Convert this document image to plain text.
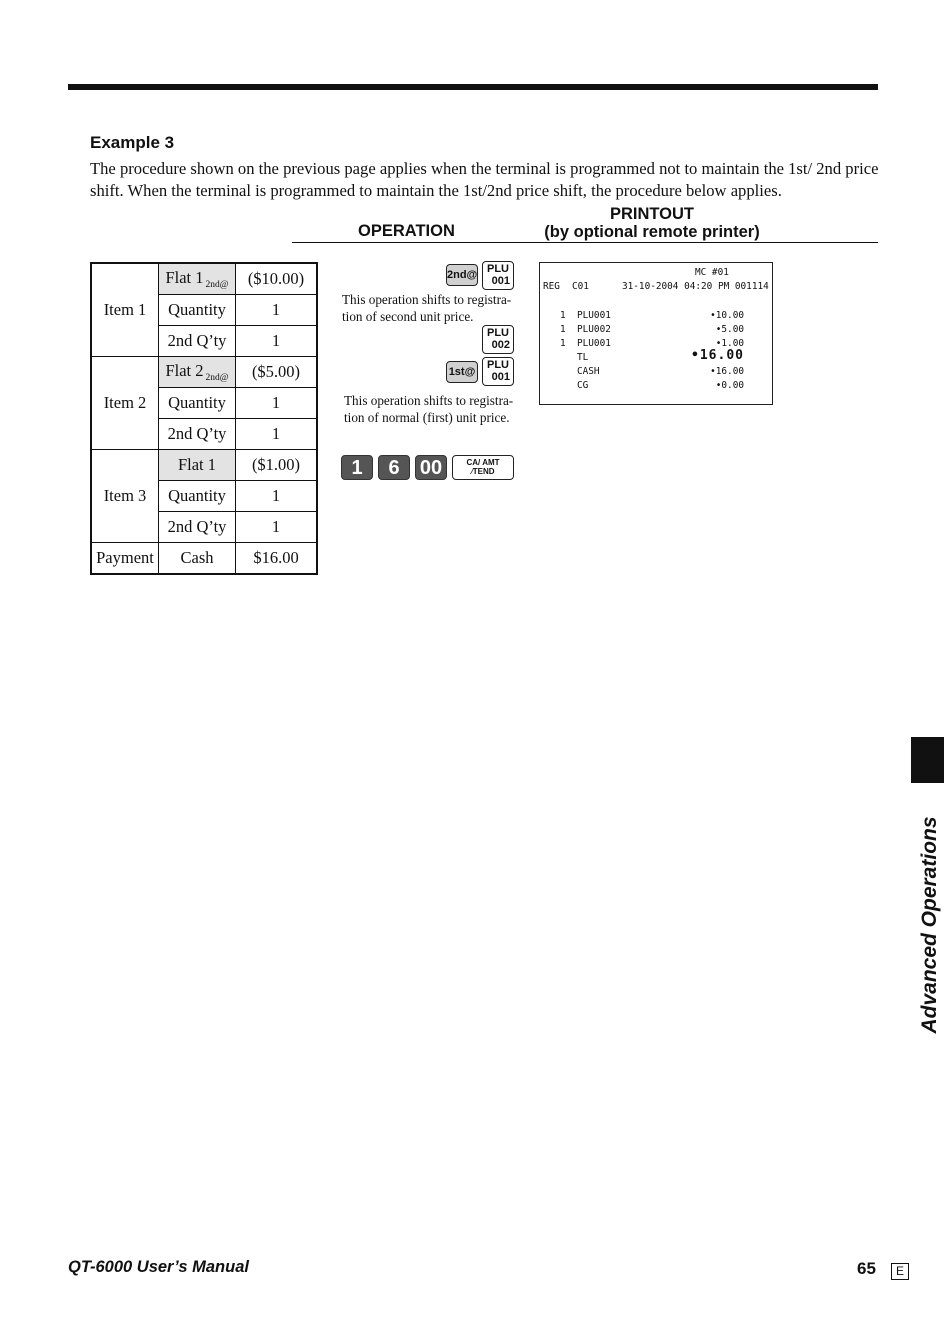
Example 3
The procedure shown on the previous page applies when the terminal is programmed not to maintain the 1st/ 2nd price shift. When the terminal is programmed to maintain the 1st/2nd price shift, the procedure below applies.
PRINTOUT
(by optional remote printer)
OPERATION
Item 1	Flat 1 $_{2nd@}$	($10.00)
	Quantity	1
	2nd Q’ty	1
Item 2	Flat 2 $_{2nd@}$	($5.00)
	Quantity	1
	2nd Q’ty	1
Item 3	Flat 1	($1.00)
	Quantity	1
	2nd Q’ty	1
Payment	Cash	$16.00
2nd@ PLU
001
This operation shifts to registra-
tion of second unit price.
PLU
002
1st@
PLU
001
This operation shifts to registra-
tion of normal (first) unit price.
1	6	00	CA/ AMT
⁄TEND
MC #01
REG C01	31-10-2004 04:20 PM 001114
1 PLU001	•10.00
1 PLU002	•5.00
1 PLU001	•1.00
TL	•16.00
CASH	•16.00
CG	•0.00
Advanced Operations
QT-6000 User’s Manual	65	E
